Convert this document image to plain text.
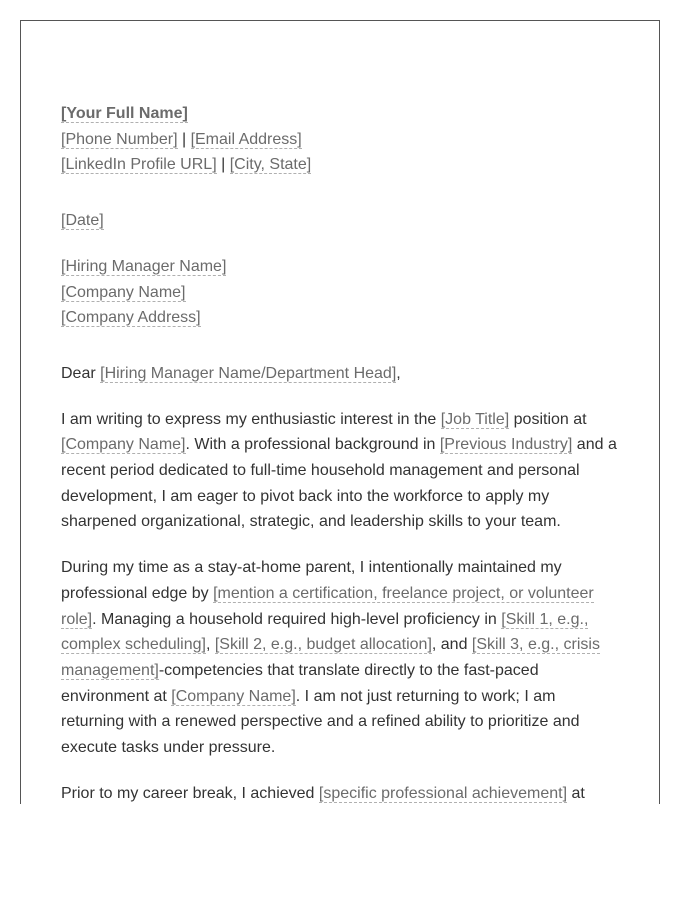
[Your Full Name]
[Phone Number] | [Email Address]
[LinkedIn Profile URL] | [City, State]
[Date]
[Hiring Manager Name]
[Company Name]
[Company Address]

Dear [Hiring Manager Name/Department Head],

I am writing to express my enthusiastic interest in the [Job Title] position at [Company Name]. With a professional background in [Previous Industry] and a recent period dedicated to full-time household management and personal development, I am eager to pivot back into the workforce to apply my sharpened organizational, strategic, and leadership skills to your team.

During my time as a stay-at-home parent, I intentionally maintained my professional edge by [mention a certification, freelance project, or volunteer role]. Managing a household required high-level proficiency in [Skill 1, e.g., complex scheduling], [Skill 2, e.g., budget allocation], and [Skill 3, e.g., crisis management]-competencies that translate directly to the fast-paced environment at [Company Name]. I am not just returning to work; I am returning with a renewed perspective and a refined ability to prioritize and execute tasks under pressure.

Prior to my career break, I achieved [specific professional achievement] at
